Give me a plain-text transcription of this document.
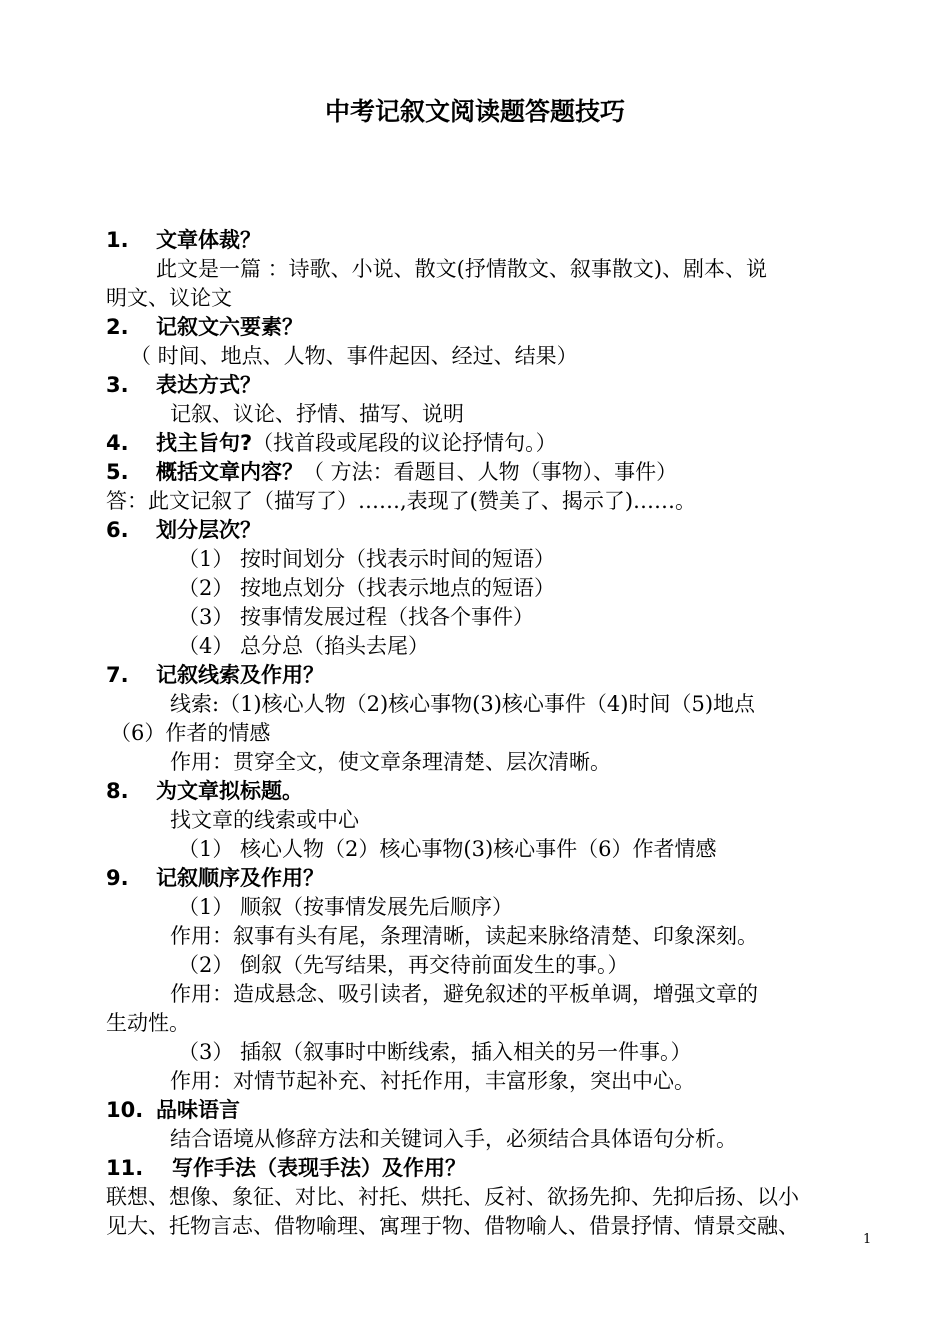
中考记叙文阅读题答题技巧
1. 文章体裁？
此文是一篇 ：诗歌、小说、散文(抒情散文、叙事散文)、剧本、说
明文、议论文
2. 记叙文六要素？
（ 时间、地点、人物、事件起因、经过、结果）
3. 表达方式？
记叙、议论、抒情、描写、说明
4. 找主旨句?（找首段或尾段的议论抒情句。）
5. 概括文章内容？（ 方法：看题目、人物（事物）、事件）
答：此文记叙了（描写了）……,表现了(赞美了、揭示了)……。
6. 划分层次？
（1） 按时间划分（找表示时间的短语）
（2） 按地点划分（找表示地点的短语）
（3） 按事情发展过程（找各个事件）
（4） 总分总（掐头去尾）
7. 记叙线索及作用？
线索:（1)核心人物（2)核心事物(3)核心事件（4)时间（5)地点
（6）作者的情感
作用：贯穿全文，使文章条理清楚、层次清晰。
8. 为文章拟标题。
找文章的线索或中心
（1） 核心人物（2）核心事物(3)核心事件（6）作者情感
9. 记叙顺序及作用？
（1） 顺叙（按事情发展先后顺序）
作用：叙事有头有尾，条理清晰，读起来脉络清楚、印象深刻。
（2） 倒叙（先写结果，再交待前面发生的事。）
作用：造成悬念、吸引读者，避免叙述的平板单调，增强文章的
生动性。
（3） 插叙（叙事时中断线索，插入相关的另一件事。）
作用：对情节起补充、衬托作用，丰富形象，突出中心。
10. 品味语言
结合语境从修辞方法和关键词入手，必须结合具体语句分析。
11. 写作手法（表现手法）及作用？
联想、想像、象征、对比、衬托、烘托、反衬、欲扬先抑、先抑后扬、以小
见大、托物言志、借物喻理、寓理于物、借物喻人、借景抒情、情景交融、
1
